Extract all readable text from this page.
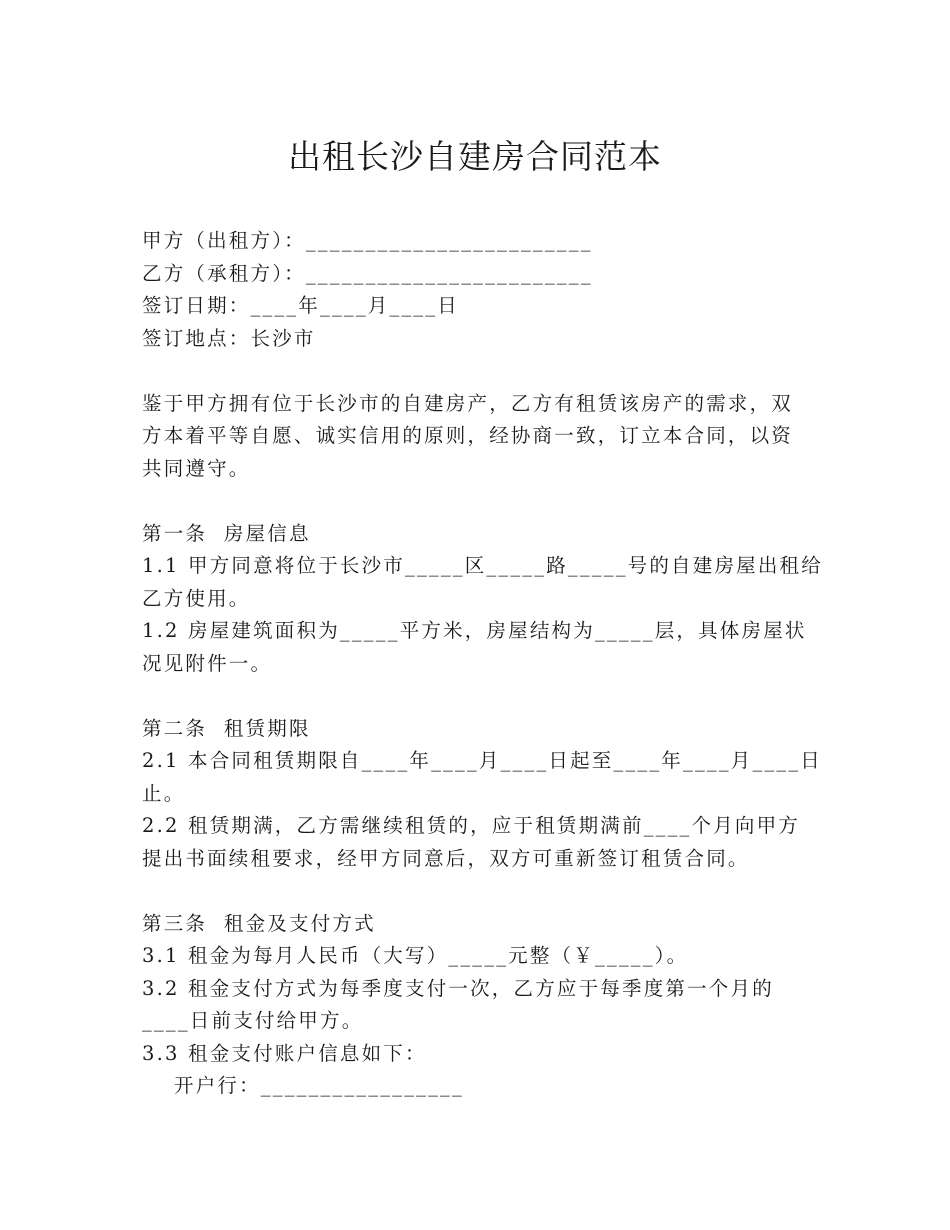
出租长沙自建房合同范本
甲方（出租方）：________________________
乙方（承租方）：________________________
签订日期：____年____月____日
签订地点：长沙市
鉴于甲方拥有位于长沙市的自建房产，乙方有租赁该房产的需求，双
方本着平等自愿、诚实信用的原则，经协商一致，订立本合同，以资
共同遵守。
第一条  房屋信息
1.1 甲方同意将位于长沙市_____区_____路_____号的自建房屋出租给
乙方使用。
1.2 房屋建筑面积为_____平方米，房屋结构为_____层，具体房屋状
况见附件一。
第二条  租赁期限
2.1 本合同租赁期限自____年____月____日起至____年____月____日
止。
2.2 租赁期满，乙方需继续租赁的，应于租赁期满前____个月向甲方
提出书面续租要求，经甲方同意后，双方可重新签订租赁合同。
第三条  租金及支付方式
3.1 租金为每月人民币（大写）_____元整（￥_____）。
3.2 租金支付方式为每季度支付一次，乙方应于每季度第一个月的
____日前支付给甲方。
3.3 租金支付账户信息如下：
开户行：_________________
